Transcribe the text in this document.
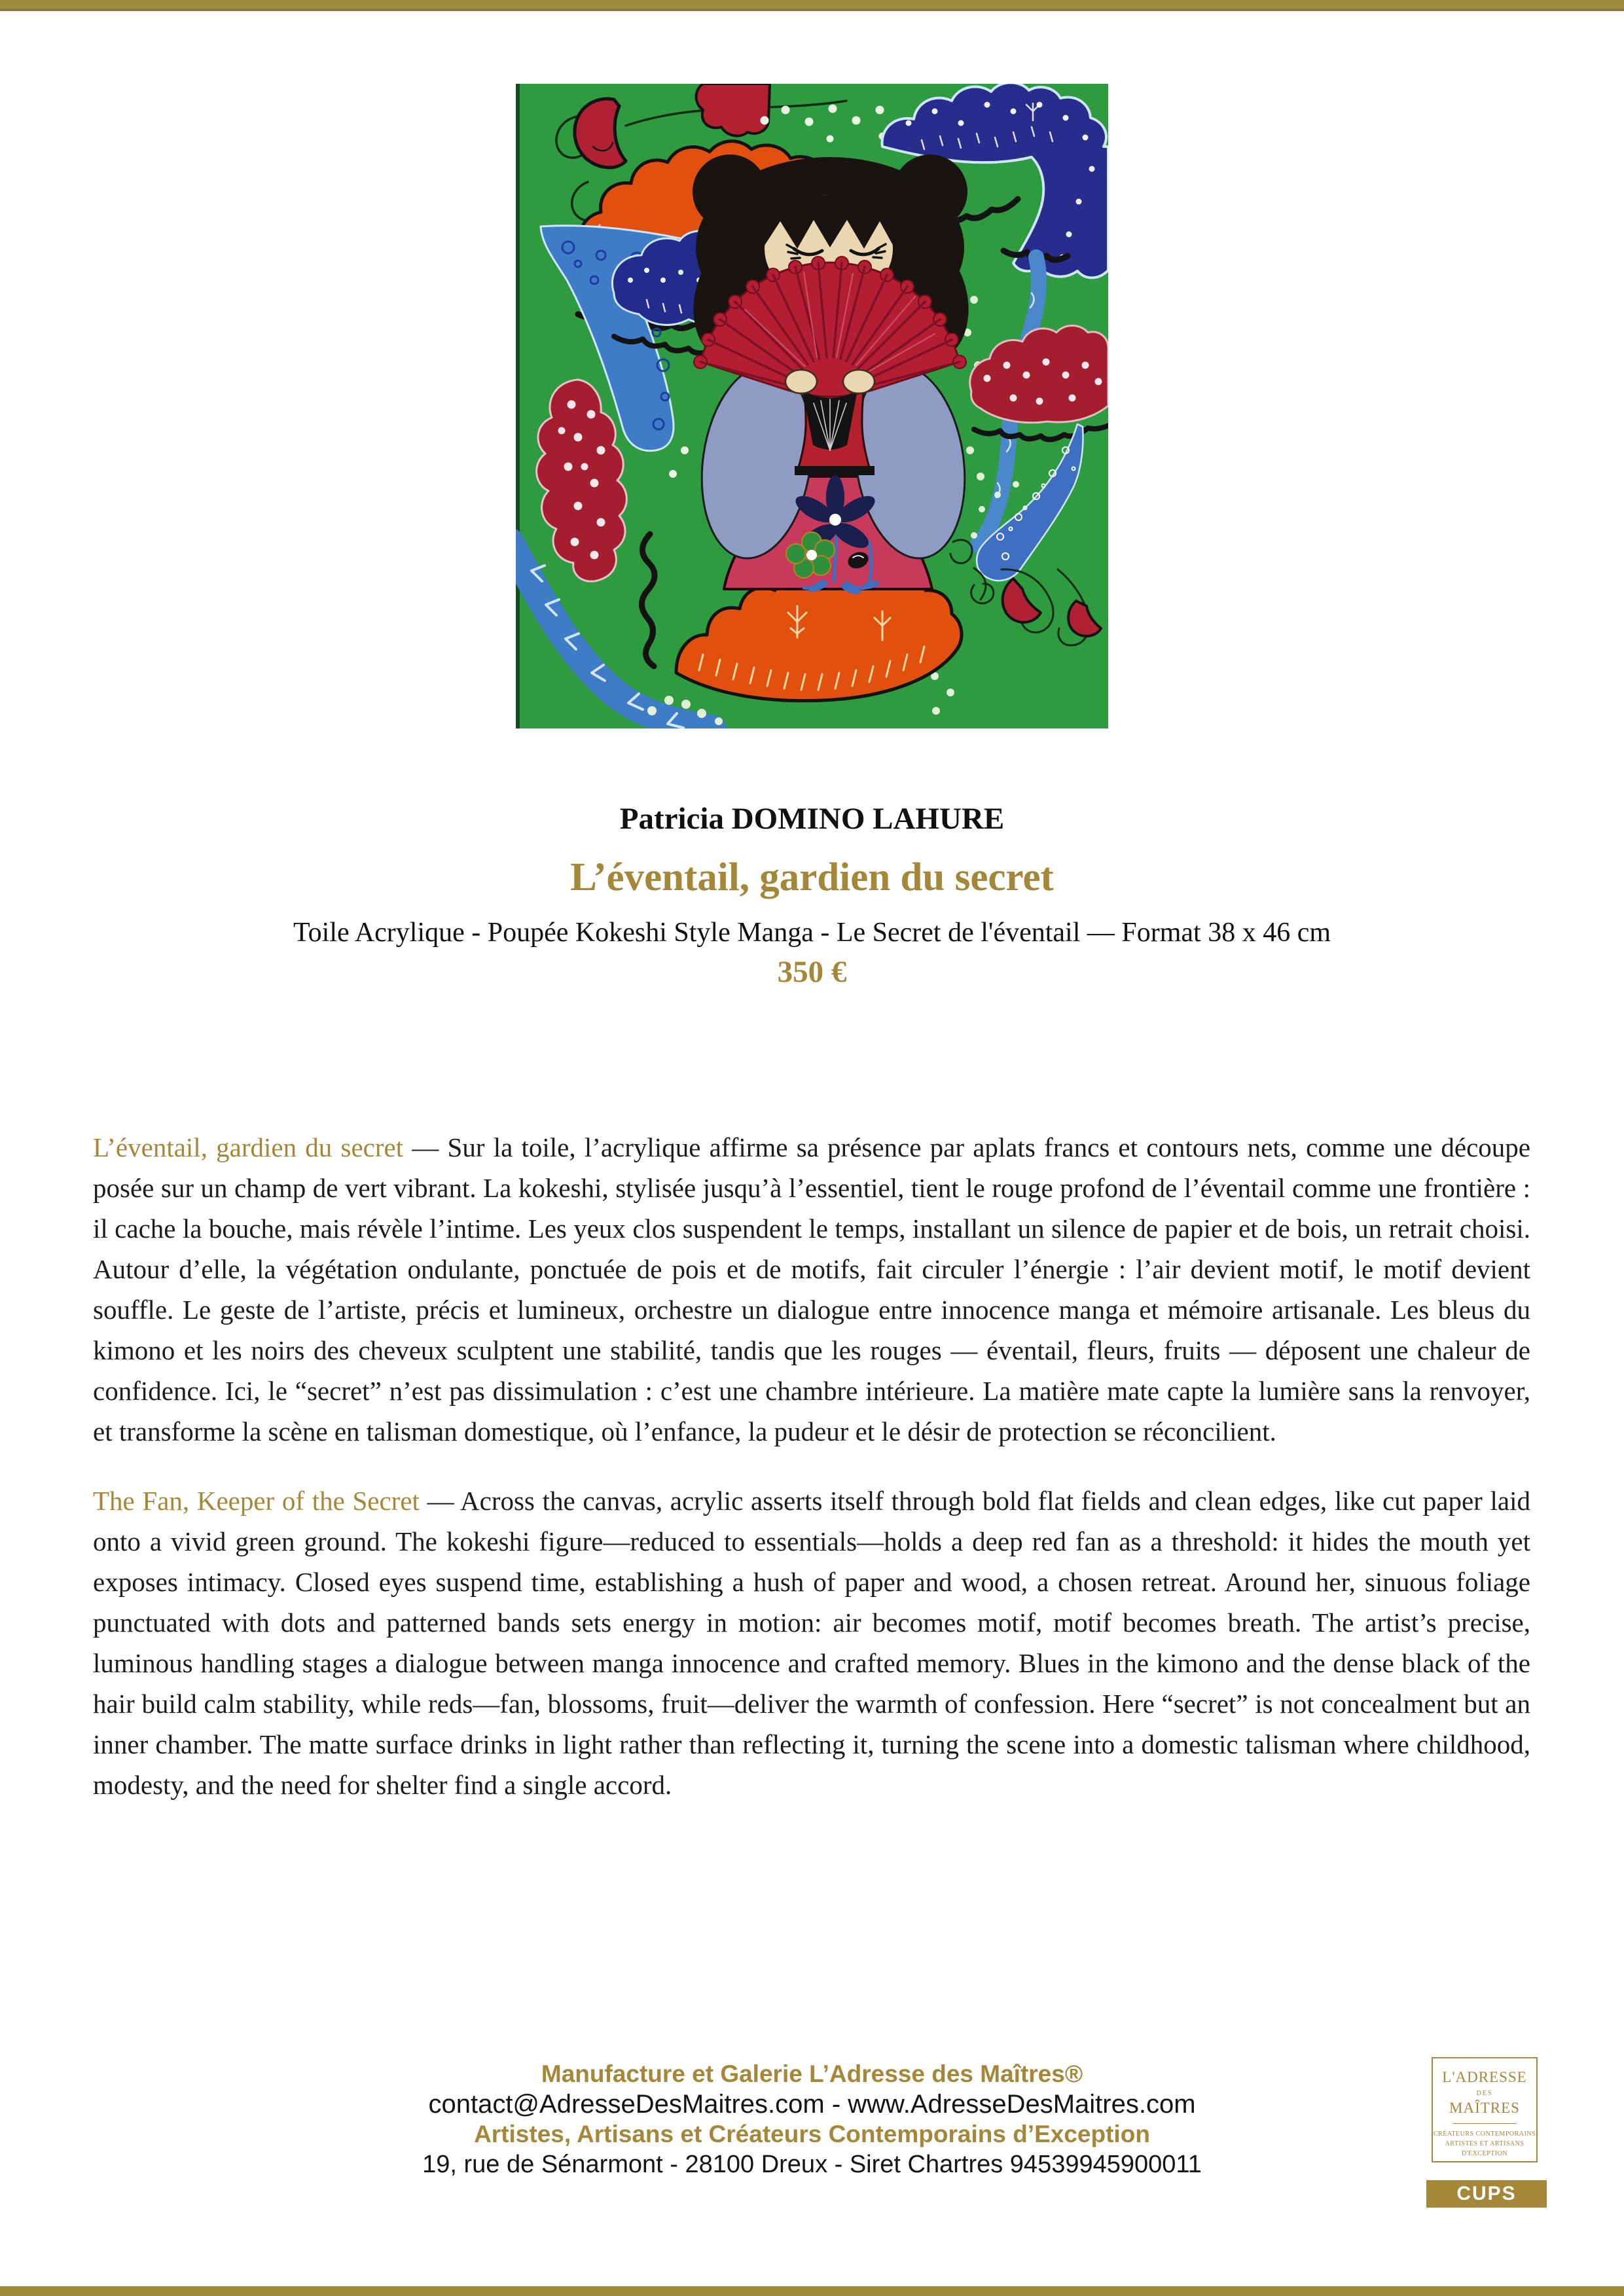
Patricia DOMINO LAHURE
L’éventail, gardien du secret
Toile Acrylique - Poupée Kokeshi Style Manga - Le Secret de l'éventail — Format 38 x 46 cm
350 €

L’éventail, gardien du secret — Sur la toile, l’acrylique affirme sa présence par aplats francs et contours nets, comme une découpe posée sur un champ de vert vibrant. La kokeshi, stylisée jusqu’à l’essentiel, tient le rouge profond de l’éventail comme une frontière : il cache la bouche, mais révèle l’intime. Les yeux clos suspendent le temps, installant un silence de papier et de bois, un retrait choisi. Autour d’elle, la végétation ondulante, ponctuée de pois et de motifs, fait circuler l’énergie : l’air devient motif, le motif devient souffle. Le geste de l’artiste, précis et lumineux, orchestre un dialogue entre innocence manga et mémoire artisanale. Les bleus du kimono et les noirs des cheveux sculptent une stabilité, tandis que les rouges — éventail, fleurs, fruits — déposent une chaleur de confidence. Ici, le “secret” n’est pas dissimulation : c’est une chambre intérieure. La matière mate capte la lumière sans la renvoyer, et transforme la scène en talisman domestique, où l’enfance, la pudeur et le désir de protection se réconcilient.

The Fan, Keeper of the Secret — Across the canvas, acrylic asserts itself through bold flat fields and clean edges, like cut paper laid onto a vivid green ground. The kokeshi figure—reduced to essentials—holds a deep red fan as a threshold: it hides the mouth yet exposes intimacy. Closed eyes suspend time, establishing a hush of paper and wood, a chosen retreat. Around her, sinuous foliage punctuated with dots and patterned bands sets energy in motion: air becomes motif, motif becomes breath. The artist’s precise, luminous handling stages a dialogue between manga innocence and crafted memory. Blues in the kimono and the dense black of the hair build calm stability, while reds—fan, blossoms, fruit—deliver the warmth of confession. Here “secret” is not concealment but an inner chamber. The matte surface drinks in light rather than reflecting it, turning the scene into a domestic talisman where childhood, modesty, and the need for shelter find a single accord.

Manufacture et Galerie L’Adresse des Maîtres®
contact@AdresseDesMaitres.com - www.AdresseDesMaitres.com
Artistes, Artisans et Créateurs Contemporains d’Exception
19, rue de Sénarmont - 28100 Dreux - Siret Chartres 94539945900011
L'ADRESSE
DES
MAÎTRES
CRÉATEURS CONTEMPORAINS
ARTISTES ET ARTISANS
D'EXCEPTION
CUPS
